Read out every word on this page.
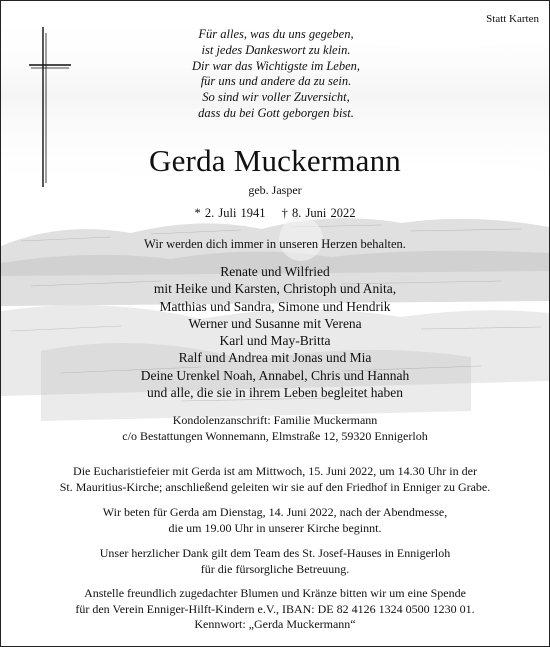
Statt Karten
Für alles, was du uns gegeben,
ist jedes Dankeswort zu klein.
Dir war das Wichtigste im Leben,
für uns und andere da zu sein.
So sind wir voller Zuversicht,
dass du bei Gott geborgen bist.
Gerda Muckermann
geb. Jasper
* 2. Juli 1941 † 8. Juni 2022
Wir werden dich immer in unseren Herzen behalten.
Renate und Wilfried
mit Heike und Karsten, Christoph und Anita,
Matthias und Sandra, Simone und Hendrik
Werner und Susanne mit Verena
Karl und May-Britta
Ralf und Andrea mit Jonas und Mia
Deine Urenkel Noah, Annabel, Chris und Hannah
und alle, die sie in ihrem Leben begleitet haben
Kondolenzanschrift: Familie Muckermann
c/o Bestattungen Wonnemann, Elmstraße 12, 59320 Ennigerloh
Die Eucharistiefeier mit Gerda ist am Mittwoch, 15. Juni 2022, um 14.30 Uhr in der
St. Mauritius-Kirche; anschließend geleiten wir sie auf den Friedhof in Enniger zu Grabe.
Wir beten für Gerda am Dienstag, 14. Juni 2022, nach der Abendmesse,
die um 19.00 Uhr in unserer Kirche beginnt.
Unser herzlicher Dank gilt dem Team des St. Josef-Hauses in Ennigerloh
für die fürsorgliche Betreuung.
Anstelle freundlich zugedachter Blumen und Kränze bitten wir um eine Spende
für den Verein Enniger-Hilft-Kindern e.V., IBAN: DE 82 4126 1324 0500 1230 01.
Kennwort: „Gerda Muckermann“
